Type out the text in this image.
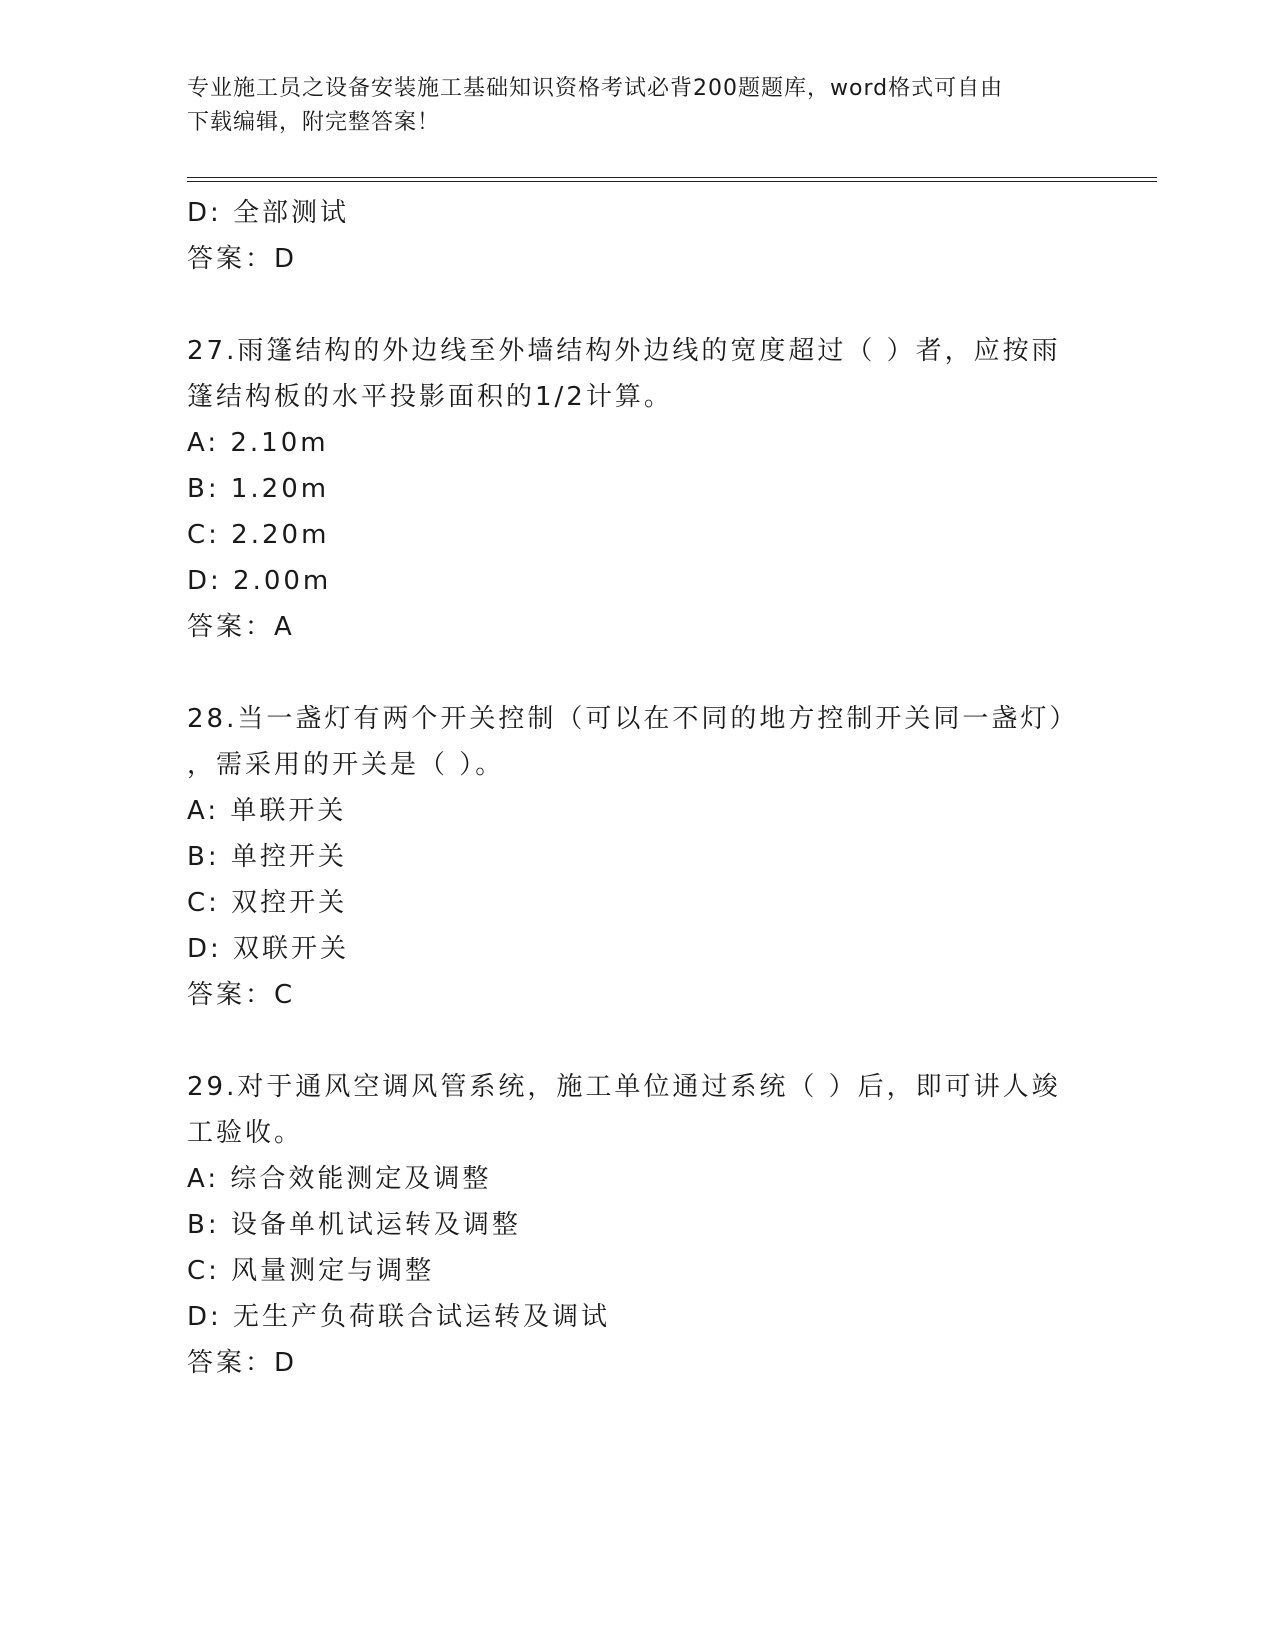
专业施工员之设备安装施工基础知识资格考试必背200题题库，word格式可自由
下载编辑，附完整答案！
D: 全部测试
答案：D
27.雨篷结构的外边线至外墙结构外边线的宽度超过（ ）者，应按雨
篷结构板的水平投影面积的1/2计算。
A: 2.10m
B: 1.20m
C: 2.20m
D: 2.00m
答案：A
28.当一盏灯有两个开关控制（可以在不同的地方控制开关同一盏灯）
，需采用的开关是（ ）。
A: 单联开关
B: 单控开关
C: 双控开关
D: 双联开关
答案：C
29.对于通风空调风管系统，施工单位通过系统（ ）后，即可讲人竣
工验收。
A: 综合效能测定及调整
B: 设备单机试运转及调整
C: 风量测定与调整
D: 无生产负荷联合试运转及调试
答案：D
